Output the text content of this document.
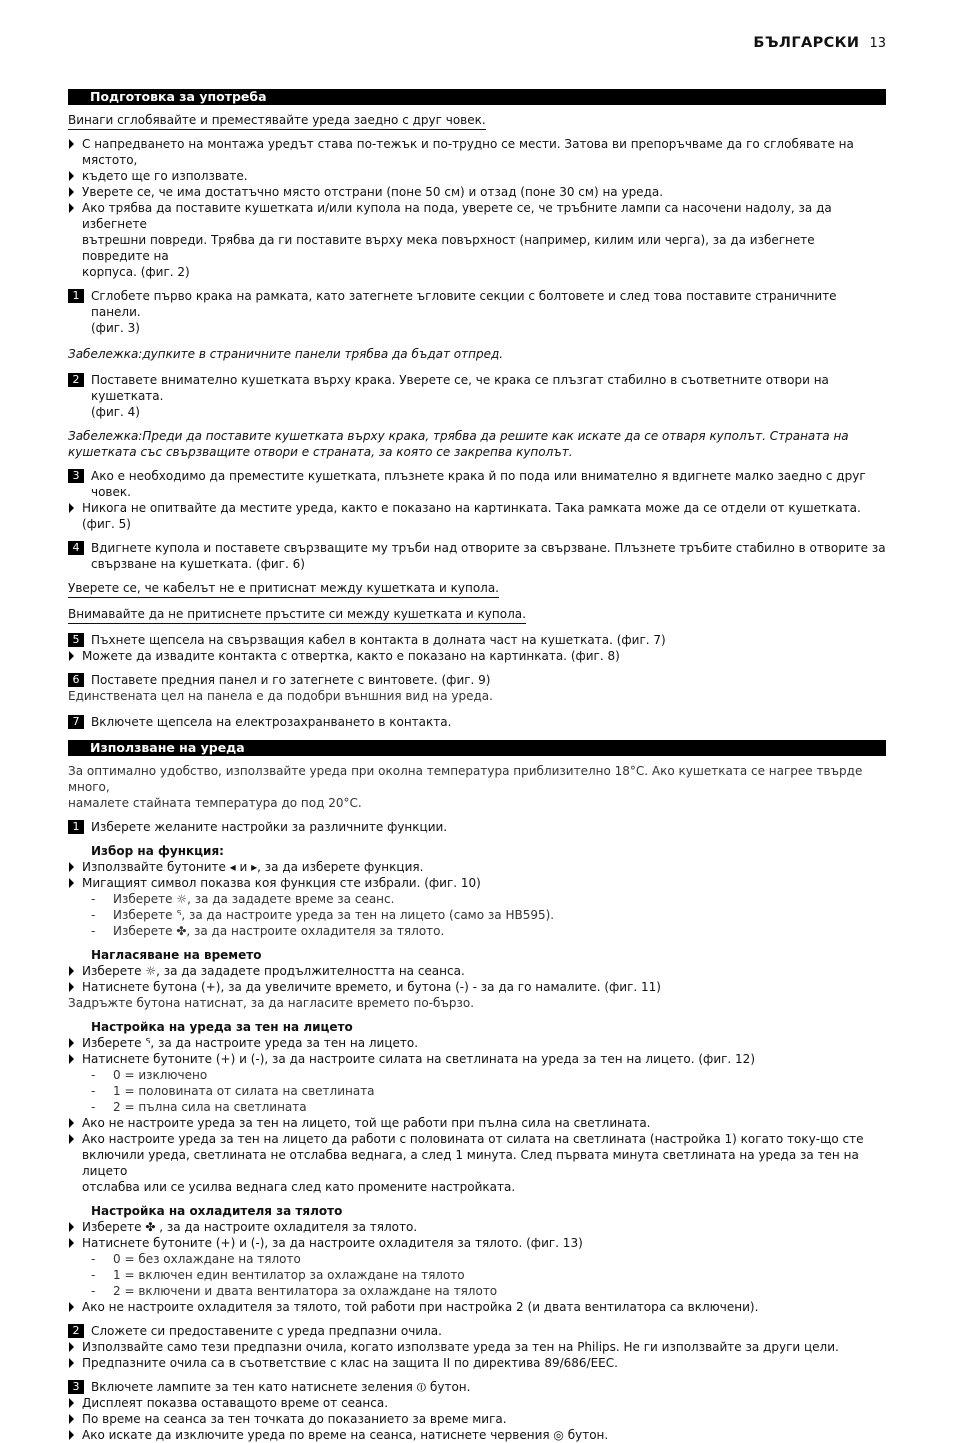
БЪЛГАРСКИ 13
Подготовка за употреба
Винаги сглобявайте и преместявайте уреда заедно с друг човек.
С напредването на монтажа уредът става по-тежък и по-трудно се мести. Затова ви препоръчваме да го сглобявате на мястото,
където ще го използвате.
Уверете се, че има достатъчно място отстрани (поне 50 см) и отзад (поне 30 см) на уреда.
Ако трябва да поставите кушетката и/или купола на пода, уверете се, че тръбните лампи са насочени надолу, за да избегнете
вътрешни повреди. Трябва да ги поставите върху мека повърхност (например, килим или черга), за да избегнете повредите на
корпуса. (фиг. 2)
1 Сглобете първо крака на рамката, като затегнете ъгловите секции с болтовете и след това поставите страничните панели.
(фиг. 3)
Забележка:дупките в страничните панели трябва да бъдат отпред.
2 Поставете внимателно кушетката върху крака. Уверете се, че крака се плъзгат стабилно в съответните отвори на кушетката.
(фиг. 4)
Забележка:Преди да поставите кушетката върху крака, трябва да решите как искате да се отваря куполът. Страната на
кушетката със свързващите отвори е страната, за която се закрепва куполът.
3 Ако е необходимо да преместите кушетката, плъзнете крака й по пода или внимателно я вдигнете малко заедно с друг човек.
Никога не опитвайте да местите уреда, както е показано на картинката. Така рамката може да се отдели от кушетката. (фиг. 5)
4 Вдигнете купола и поставете свързващите му тръби над отворите за свързване. Плъзнете тръбите стабилно в отворите за
свързване на кушетката. (фиг. 6)
Уверете се, че кабелът не е притиснат между кушетката и купола.
Внимавайте да не притиснете пръстите си между кушетката и купола.
5 Пъхнете щепсела на свързващия кабел в контакта в долната част на кушетката. (фиг. 7)
Можете да извадите контакта с отвертка, както е показано на картинката. (фиг. 8)
6 Поставете предния панел и го затегнете с винтовете. (фиг. 9)
Единствената цел на панела е да подобри външния вид на уреда.
7 Включете щепсела на електрозахранването в контакта.
Използване на уреда
За оптимално удобство, използвайте уреда при околна температура приблизително 18°C. Ако кушетката се нагрее твърде много,
намалете стайната температура до под 20°C.
1 Изберете желаните настройки за различните функции.
Избор на функция:
Използвайте бутоните ◂ и ▸, за да изберете функция.
Мигащият символ показва коя функция сте избрали. (фиг. 10)
- Изберете ☼, за да зададете време за сеанс.
- Изберете ᕐ, за да настроите уреда за тен на лицето (само за HB595).
- Изберете ✤, за да настроите охладителя за тялото.
Нагласяване на времето
Изберете ☼, за да зададете продължителността на сеанса.
Натиснете бутона (+), за да увеличите времето, и бутона (-) - за да го намалите. (фиг. 11)
Задръжте бутона натиснат, за да нагласите времето по-бързо.
Настройка на уреда за тен на лицето
Изберете ᕐ, за да настроите уреда за тен на лицето.
Натиснете бутоните (+) и (-), за да настроите силата на светлината на уреда за тен на лицето. (фиг. 12)
- 0 = изключено
- 1 = половината от силата на светлината
- 2 = пълна сила на светлината
Ако не настроите уреда за тен на лицето, той ще работи при пълна сила на светлината.
Ако настроите уреда за тен на лицето да работи с половината от силата на светлината (настройка 1) когато току-що сте
включили уреда, светлината не отслабва веднага, а след 1 минута. След първата минута светлината на уреда за тен на лицето
отслабва или се усилва веднага след като промените настройката.
Настройка на охладителя за тялото
Изберете ✤ , за да настроите охладителя за тялото.
Натиснете бутоните (+) и (-), за да настроите охладителя за тялото. (фиг. 13)
- 0 = без охлаждане на тялото
- 1 = включен един вентилатор за охлаждане на тялото
- 2 = включени и двата вентилатора за охлаждане на тялото
Ако не настроите охладителя за тялото, той работи при настройка 2 (и двата вентилатора са включени).
2 Сложете си предоставените с уреда предпазни очила.
Използвайте само тези предпазни очила, когато използвате уреда за тен на Philips. Не ги използвайте за други цели.
Предпазните очила са в съответствие с клас на защита II по директива 89/686/EEC.
3 Включете лампите за тен като натиснете зеления ⏼ бутон.
Дисплеят показва оставащото време от сеанса.
По време на сеанса за тен точката до показанието за време мига.
Ако искате да изключите уреда по време на сеанса, натиснете червения ◎ бутон.
